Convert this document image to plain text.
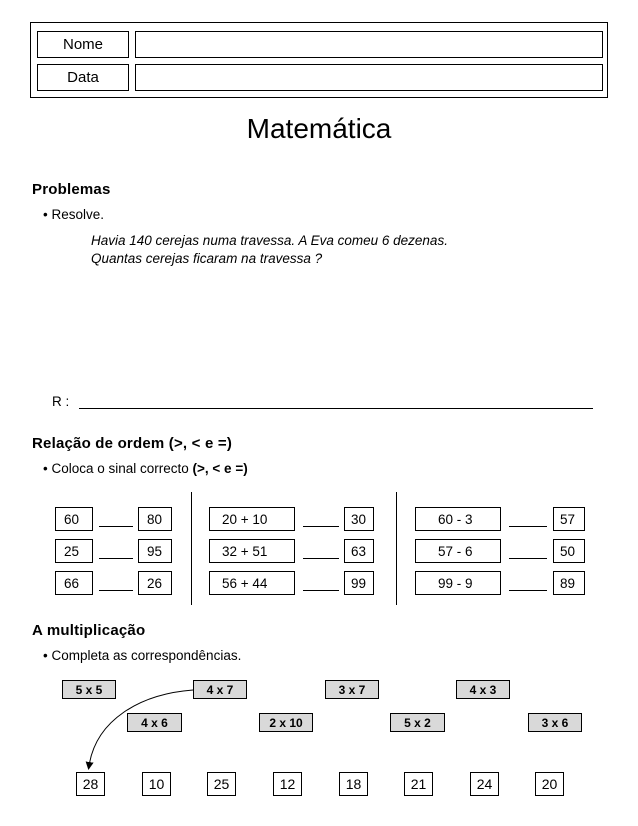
Nome
Data
Matemática
Problemas
• Resolve.
Havia 140 cerejas numa travessa. A Eva comeu 6 dezenas.
Quantas cerejas ficaram na travessa ?
R :
Relação de ordem (>, < e =)
• Coloca o sinal correcto (>, < e =)
60	80
25	95
66	26
20 + 10	30
32 + 51	63
56 + 44	99
60 - 3	57
57 - 6	50
99 - 9	89
A multiplicação
• Completa as correspondências.
5 x 5	4 x 7	3 x 7	4 x 3
4 x 6	2 x 10	5 x 2	3 x 6
28	10	25	12	18	21	24	20
